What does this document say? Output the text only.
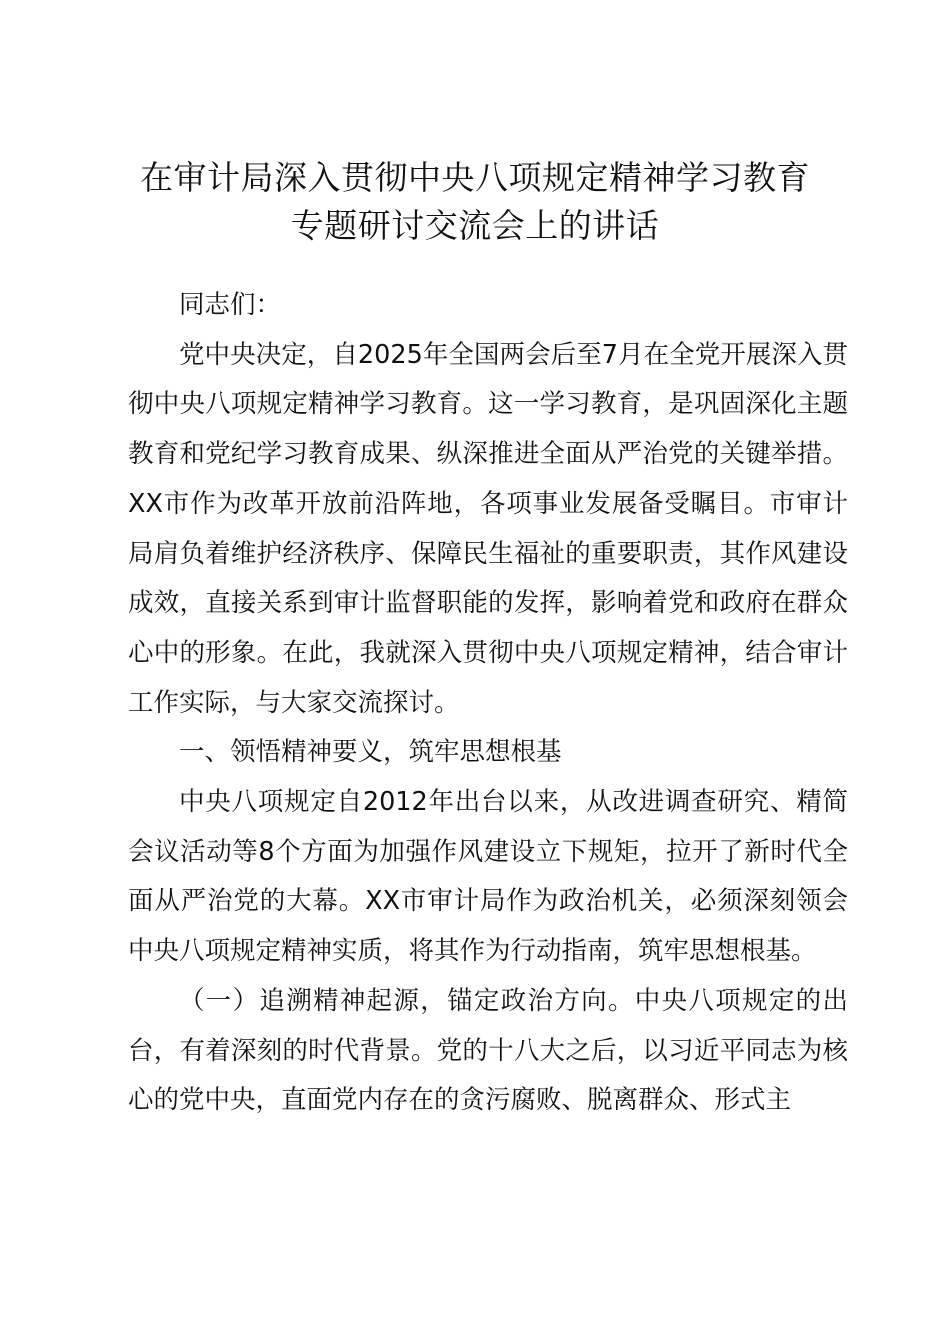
在审计局深入贯彻中央八项规定精神学习教育
专题研讨交流会上的讲话

同志们：

党中央决定，自2025年全国两会后至7月在全党开展深入贯彻中央八项规定精神学习教育。这一学习教育，是巩固深化主题教育和党纪学习教育成果、纵深推进全面从严治党的关键举措。XX市作为改革开放前沿阵地，各项事业发展备受瞩目。市审计局肩负着维护经济秩序、保障民生福祉的重要职责，其作风建设成效，直接关系到审计监督职能的发挥，影响着党和政府在群众心中的形象。在此，我就深入贯彻中央八项规定精神，结合审计工作实际，与大家交流探讨。

一、领悟精神要义，筑牢思想根基

中央八项规定自2012年出台以来，从改进调查研究、精简会议活动等8个方面为加强作风建设立下规矩，拉开了新时代全面从严治党的大幕。XX市审计局作为政治机关，必须深刻领会中央八项规定精神实质，将其作为行动指南，筑牢思想根基。

（一）追溯精神起源，锚定政治方向。中央八项规定的出台，有着深刻的时代背景。党的十八大之后，以习近平同志为核心的党中央，直面党内存在的贪污腐败、脱离群众、形式主
